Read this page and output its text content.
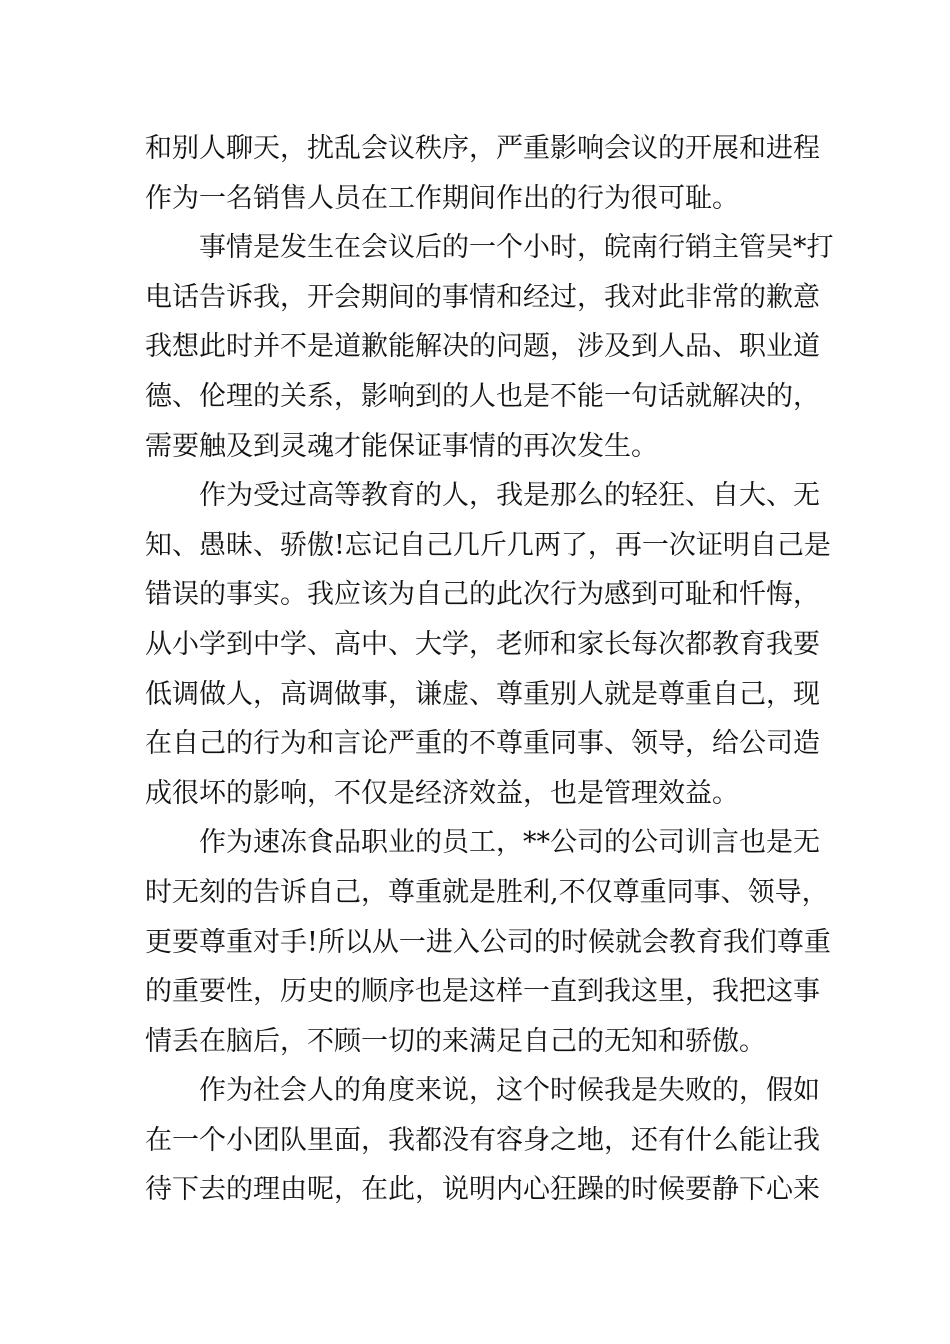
和别人聊天，扰乱会议秩序，严重影响会议的开展和进程
作为一名销售人员在工作期间作出的行为很可耻。

事情是发生在会议后的一个小时，皖南行销主管吴*打
电话告诉我，开会期间的事情和经过，我对此非常的歉意
我想此时并不是道歉能解决的问题，涉及到人品、职业道
德、伦理的关系，影响到的人也是不能一句话就解决的，
需要触及到灵魂才能保证事情的再次发生。

作为受过高等教育的人，我是那么的轻狂、自大、无
知、愚昧、骄傲!忘记自己几斤几两了，再一次证明自己是
错误的事实。我应该为自己的此次行为感到可耻和忏悔，
从小学到中学、高中、大学，老师和家长每次都教育我要
低调做人，高调做事，谦虚、尊重别人就是尊重自己，现
在自己的行为和言论严重的不尊重同事、领导，给公司造
成很坏的影响，不仅是经济效益，也是管理效益。

作为速冻食品职业的员工，**公司的公司训言也是无
时无刻的告诉自己，尊重就是胜利,不仅尊重同事、领导，
更要尊重对手!所以从一进入公司的时候就会教育我们尊重
的重要性，历史的顺序也是这样一直到我这里，我把这事
情丢在脑后，不顾一切的来满足自己的无知和骄傲。

作为社会人的角度来说，这个时候我是失败的，假如
在一个小团队里面，我都没有容身之地，还有什么能让我
待下去的理由呢，在此，说明内心狂躁的时候要静下心来
